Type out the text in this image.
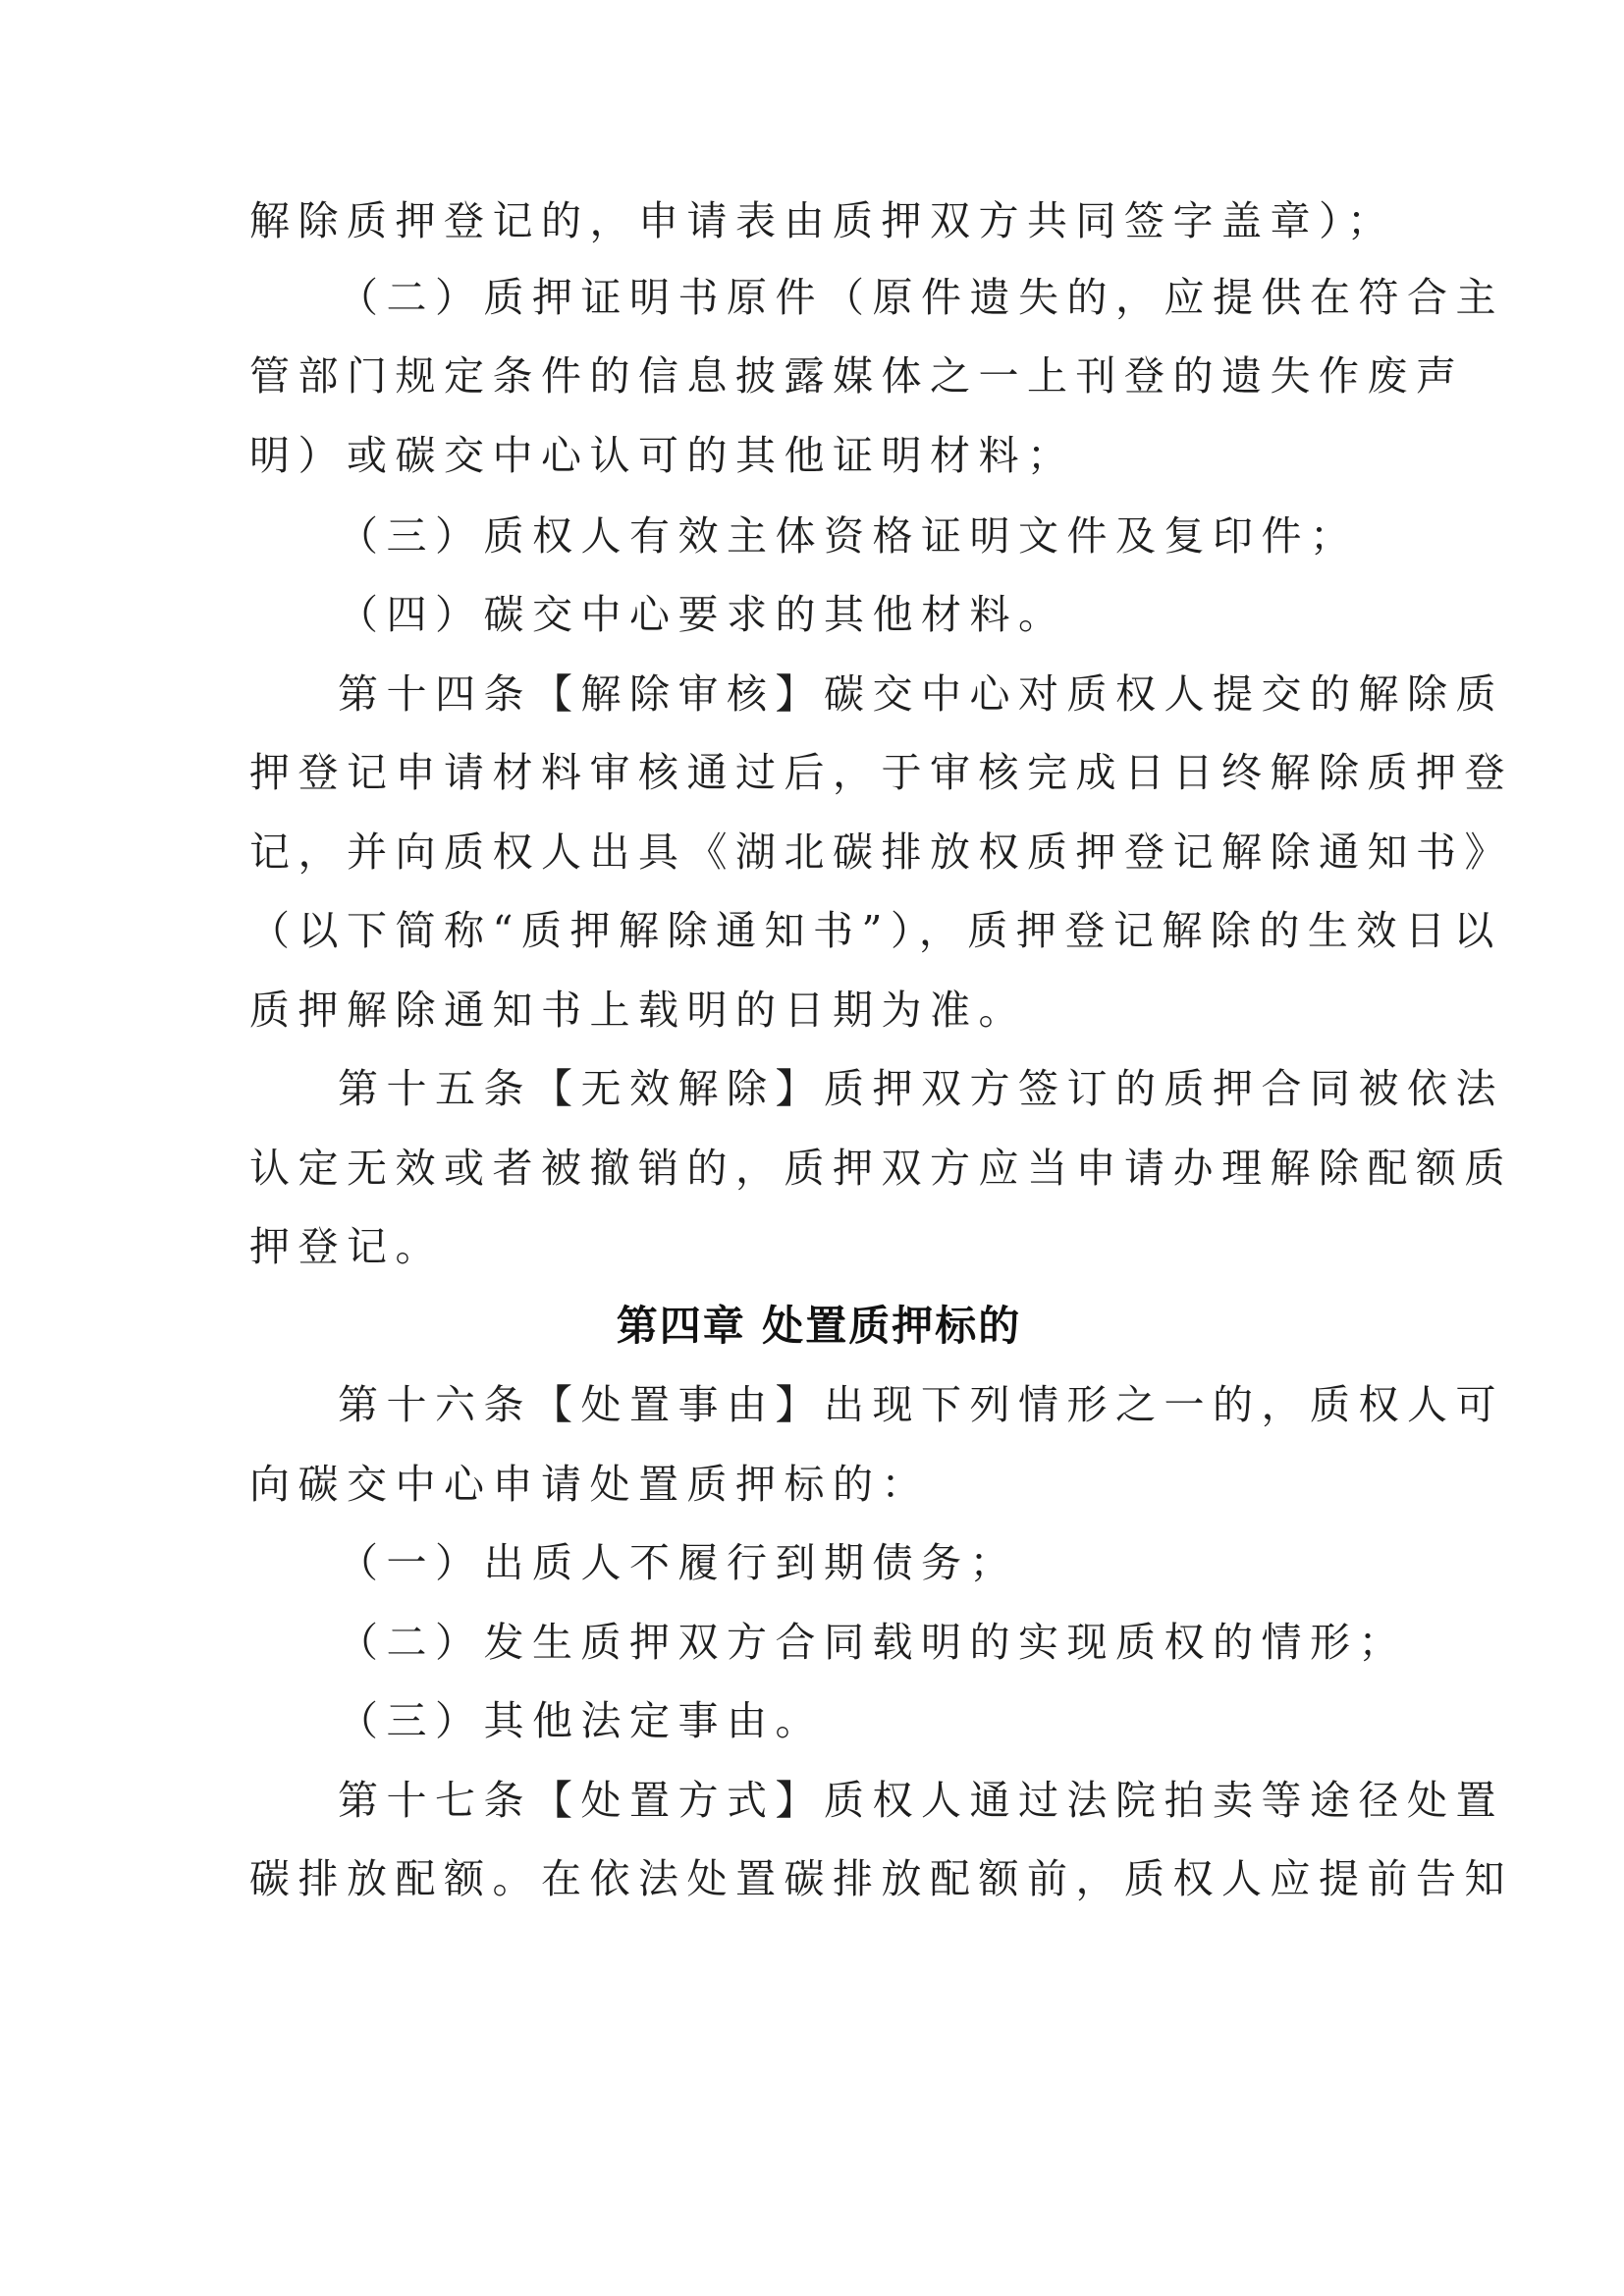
解除质押登记的，申请表由质押双方共同签字盖章）；
（二）质押证明书原件（原件遗失的，应提供在符合主
管部门规定条件的信息披露媒体之一上刊登的遗失作废声
明）或碳交中心认可的其他证明材料；
（三）质权人有效主体资格证明文件及复印件；
（四）碳交中心要求的其他材料。
第十四条【解除审核】碳交中心对质权人提交的解除质
押登记申请材料审核通过后，于审核完成日日终解除质押登
记，并向质权人出具《湖北碳排放权质押登记解除通知书》
（以下简称“质押解除通知书”），质押登记解除的生效日以
质押解除通知书上载明的日期为准。
第十五条【无效解除】质押双方签订的质押合同被依法
认定无效或者被撤销的，质押双方应当申请办理解除配额质
押登记。
第四章 处置质押标的
第十六条【处置事由】出现下列情形之一的，质权人可
向碳交中心申请处置质押标的：
（一）出质人不履行到期债务；
（二）发生质押双方合同载明的实现质权的情形；
（三）其他法定事由。
第十七条【处置方式】质权人通过法院拍卖等途径处置
碳排放配额。在依法处置碳排放配额前，质权人应提前告知
